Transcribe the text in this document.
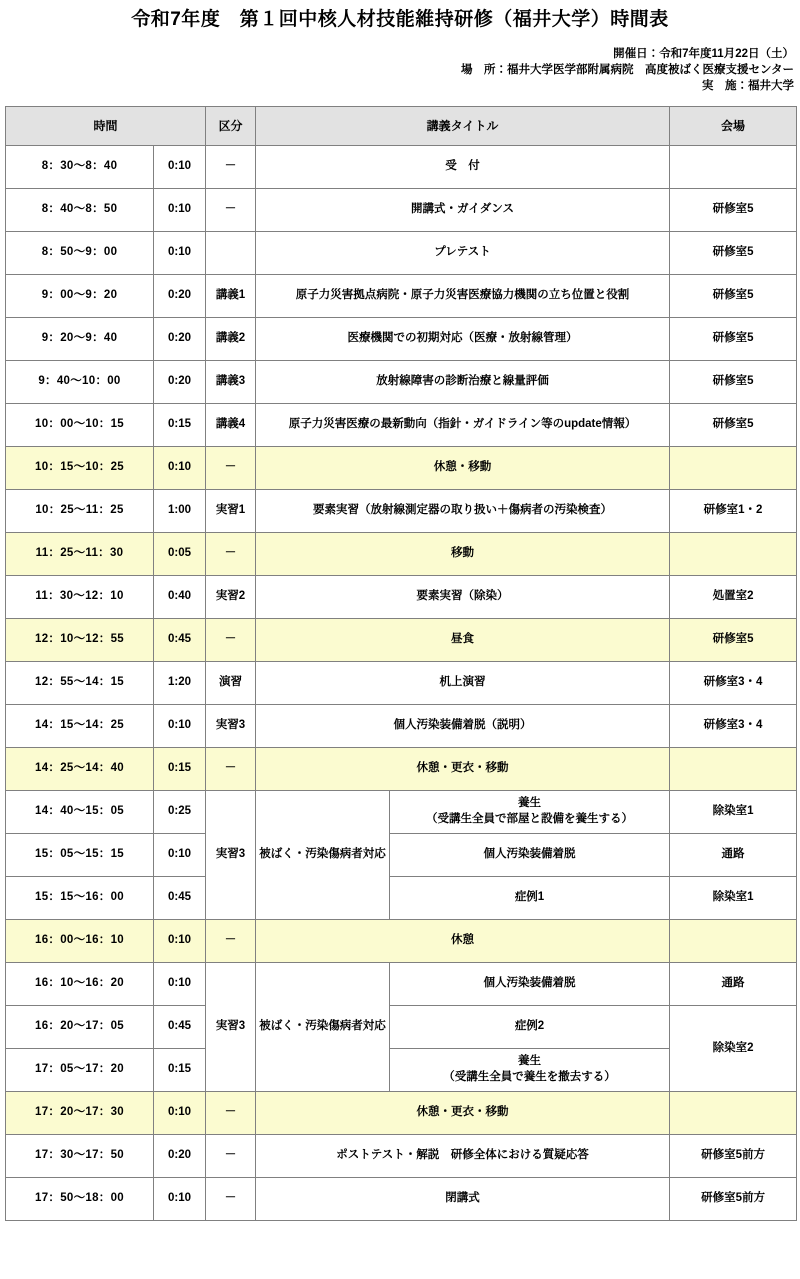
令和7年度　第１回中核人材技能維持研修（福井大学）時間表
開催日：令和7年度11月22日（土）
場　所：福井大学医学部附属病院　高度被ばく医療支援センター
実　施：福井大学
時間		区分	講義タイトル		会場
8：30～8：40	0:10	－	受　付		
8：40～8：50	0:10	－	開講式・ガイダンス		研修室5
8：50～9：00	0:10		プレテスト		研修室5
9：00～9：20	0:20	講義1	原子力災害拠点病院・原子力災害医療協力機関の立ち位置と役割		研修室5
9：20～9：40	0:20	講義2	医療機関での初期対応（医療・放射線管理）		研修室5
9：40～10：00	0:20	講義3	放射線障害の診断治療と線量評価		研修室5
10：00～10：15	0:15	講義4	原子力災害医療の最新動向（指針・ガイドライン等のupdate情報）		研修室5
10：15～10：25	0:10	－	休憩・移動		
10：25～11：25	1:00	実習1	要素実習（放射線測定器の取り扱い＋傷病者の汚染検査）		研修室1・2
11：25～11：30	0:05	－	移動		
11：30～12：10	0:40	実習2	要素実習（除染）		処置室2
12：10～12：55	0:45	－	昼食		研修室5
12：55～14：15	1:20	演習	机上演習		研修室3・4
14：15～14：25	0:10	実習3	個人汚染装備着脱（説明）		研修室3・4
14：25～14：40	0:15	－	休憩・更衣・移動		
14：40～15：05	0:25	実習3	被ばく・汚染傷病者対応	養生
（受講生全員で部屋と設備を養生する）	除染室1
15：05～15：15	0:10			個人汚染装備着脱	通路
15：15～16：00	0:45			症例1	除染室1
16：00～16：10	0:10	－	休憩		
16：10～16：20	0:10	実習3	被ばく・汚染傷病者対応	個人汚染装備着脱	通路
16：20～17：05	0:45			症例2	除染室2
17：05～17：20	0:15			養生
（受講生全員で養生を撤去する）	

17：20～17：30	0:10	－	休憩・更衣・移動		
17：30～17：50	0:20	－	ポストテスト・解説　研修全体における質疑応答		研修室5前方
17：50～18：00	0:10	－	閉講式		研修室5前方
